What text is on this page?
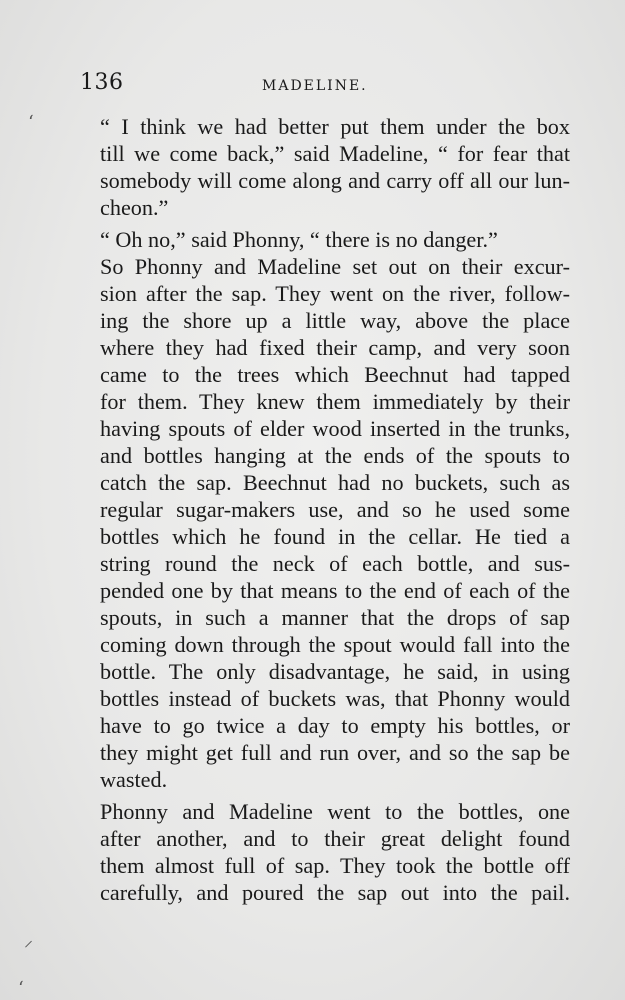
136	MADELINE.

“ I think we had better put them under the box
till we come back,” said Madeline, “ for fear that
somebody will come along and carry off all our lun-
cheon.”

“ Oh no,” said Phonny, “ there is no danger.”

So Phonny and Madeline set out on their excur-
sion after the sap. They went on the river, follow-
ing the shore up a little way, above the place
where they had fixed their camp, and very soon
came to the trees which Beechnut had tapped
for them. They knew them immediately by their
having spouts of elder wood inserted in the trunks,
and bottles hanging at the ends of the spouts to
catch the sap. Beechnut had no buckets, such as
regular sugar-makers use, and so he used some
bottles which he found in the cellar. He tied a
string round the neck of each bottle, and sus-
pended one by that means to the end of each of the
spouts, in such a manner that the drops of sap
coming down through the spout would fall into the
bottle. The only disadvantage, he said, in using
bottles instead of buckets was, that Phonny would
have to go twice a day to empty his bottles, or
they might get full and run over, and so the sap be
wasted.

Phonny and Madeline went to the bottles, one
after another, and to their great delight found
them almost full of sap. They took the bottle off
carefully, and poured the sap out into the pail.

ʻ
⸝
ʻ
